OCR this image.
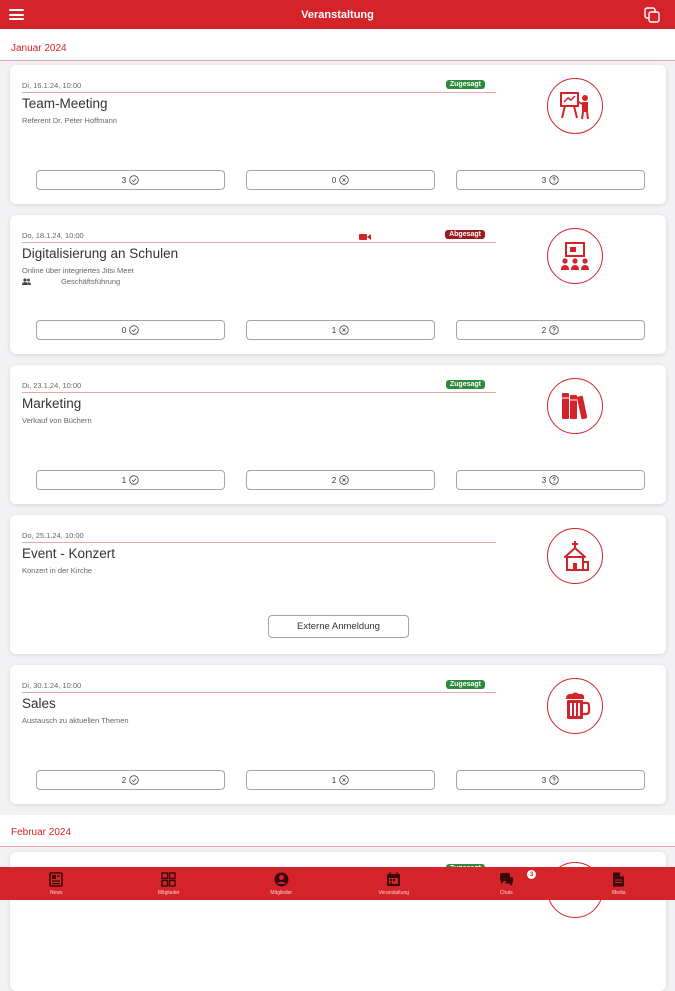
Veranstaltung
Januar 2024
Di, 16.1.24, 10:00	Zugesagt
Team-Meeting
Referent Dr. Peter Hoffmann
3	0	3
Do, 18.1.24, 10:00	Abgesagt
Digitalisierung an Schulen
Online über integriertes Jitsi Meet
Geschäftsführung
0	1	2
Di, 23.1.24, 10:00	Zugesagt
Marketing
Verkauf von Büchern
1	2	3
Do, 25.1.24, 10:00
Event - Konzert
Konzert in der Kirche
Externe Anmeldung
Di, 30.1.24, 10:00	Zugesagt
Sales
Austausch zu aktuellen Themen
2	1	3
Februar 2024
News	Mitglieder	Mitglieder	Veranstaltung
3
Chats	Media
